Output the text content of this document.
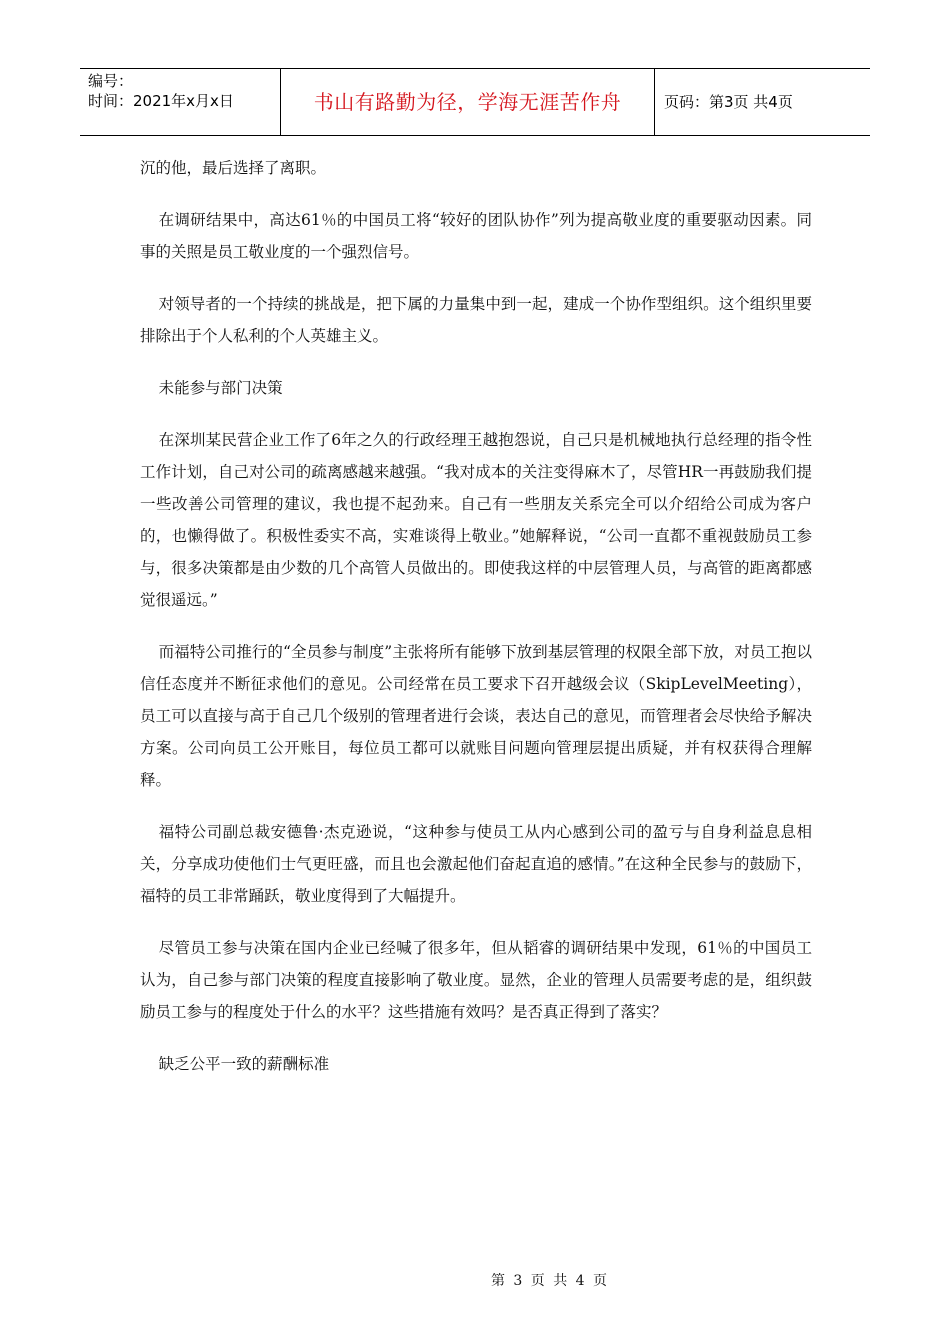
编号：
时间：2021年x月x日	书山有路勤为径，学海无涯苦作舟	页码：第3页 共4页

沉的他，最后选择了离职。

在调研结果中，高达61％的中国员工将“较好的团队协作”列为提高敬业度的重要驱动因素。同事的关照是员工敬业度的一个强烈信号。

对领导者的一个持续的挑战是，把下属的力量集中到一起，建成一个协作型组织。这个组织里要排除出于个人私利的个人英雄主义。

未能参与部门决策

在深圳某民营企业工作了6年之久的行政经理王越抱怨说，自己只是机械地执行总经理的指令性工作计划，自己对公司的疏离感越来越强。“我对成本的关注变得麻木了，尽管HR一再鼓励我们提一些改善公司管理的建议，我也提不起劲来。自己有一些朋友关系完全可以介绍给公司成为客户的，也懒得做了。积极性委实不高，实难谈得上敬业。”她解释说，“公司一直都不重视鼓励员工参与，很多决策都是由少数的几个高管人员做出的。即使我这样的中层管理人员，与高管的距离都感觉很遥远。”

而福特公司推行的“全员参与制度”主张将所有能够下放到基层管理的权限全部下放，对员工抱以信任态度并不断征求他们的意见。公司经常在员工要求下召开越级会议（SkipLevelMeeting），员工可以直接与高于自己几个级别的管理者进行会谈，表达自己的意见，而管理者会尽快给予解决方案。公司向员工公开账目，每位员工都可以就账目问题向管理层提出质疑，并有权获得合理解释。

福特公司副总裁安德鲁·杰克逊说，“这种参与使员工从内心感到公司的盈亏与自身利益息息相关，分享成功使他们士气更旺盛，而且也会激起他们奋起直追的感情。”在这种全民参与的鼓励下，福特的员工非常踊跃，敬业度得到了大幅提升。

尽管员工参与决策在国内企业已经喊了很多年，但从韬睿的调研结果中发现，61％的中国员工认为，自己参与部门决策的程度直接影响了敬业度。显然，企业的管理人员需要考虑的是，组织鼓励员工参与的程度处于什么的水平？这些措施有效吗？是否真正得到了落实？

缺乏公平一致的薪酬标准

第 3 页 共 4 页
